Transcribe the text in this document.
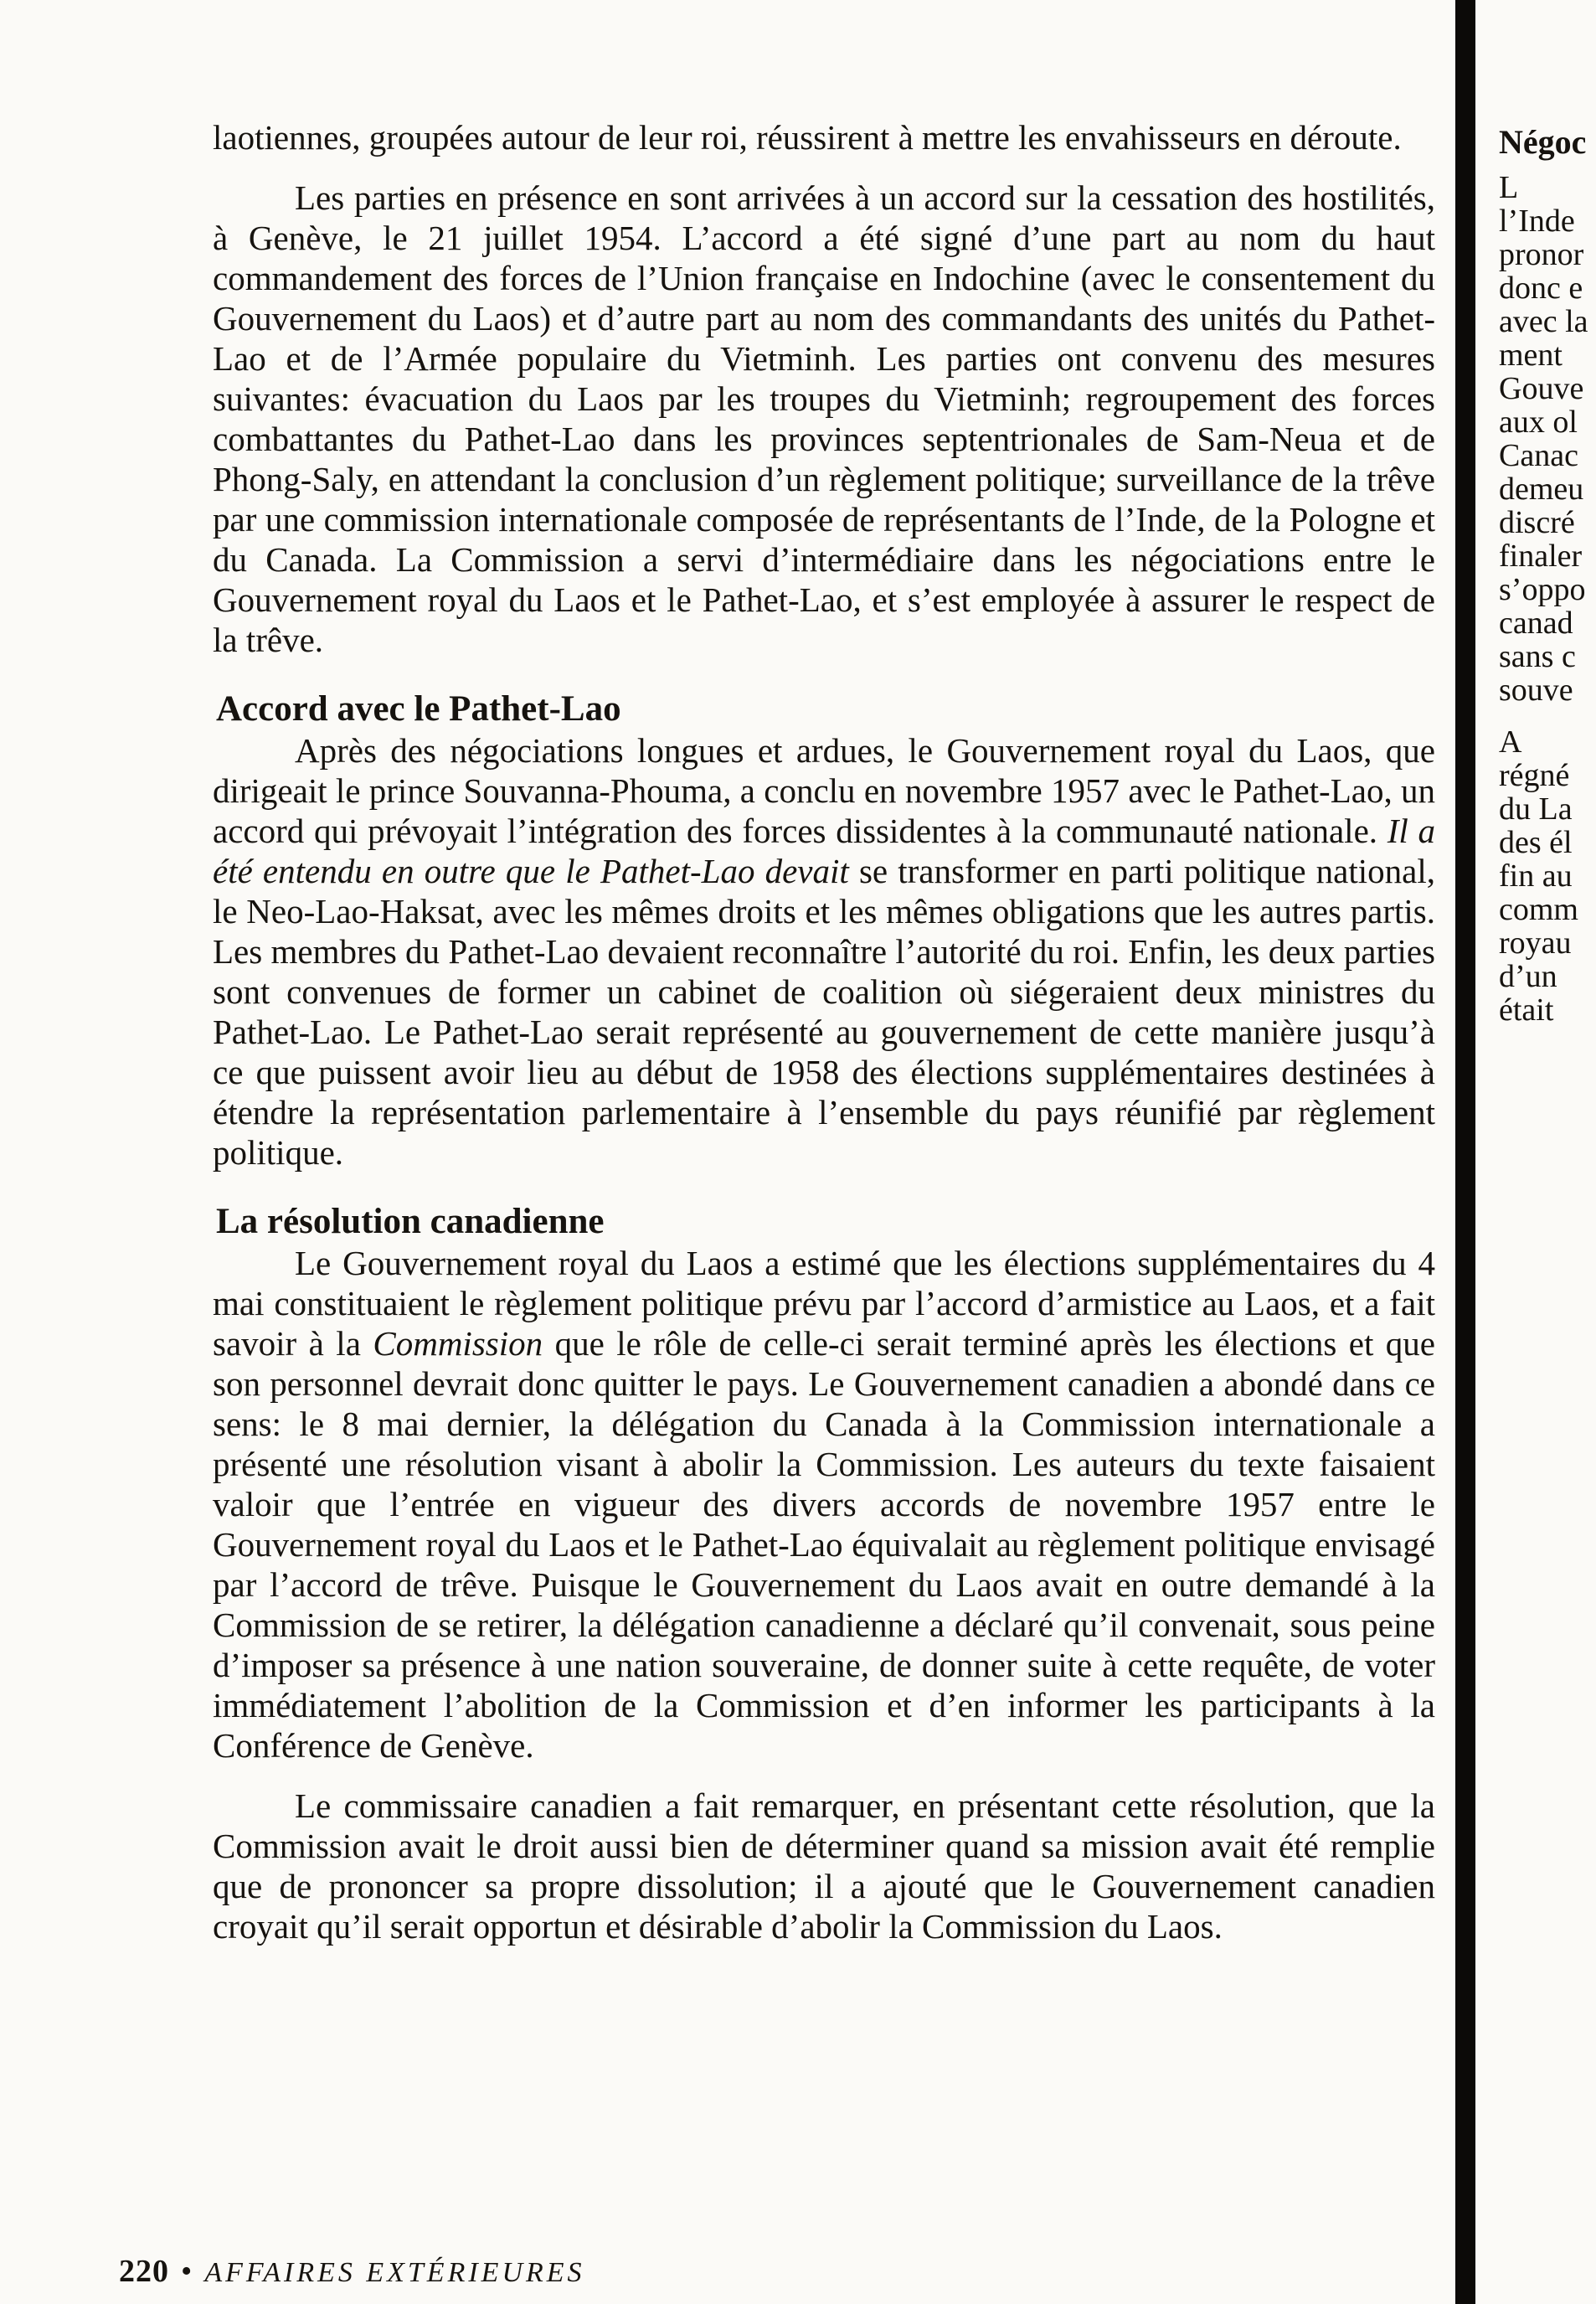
laotiennes, groupées autour de leur roi, réussirent à mettre les envahisseurs en déroute.

Les parties en présence en sont arrivées à un accord sur la cessation des hostilités, à Genève, le 21 juillet 1954. L’accord a été signé d’une part au nom du haut commandement des forces de l’Union française en Indochine (avec le consentement du Gouvernement du Laos) et d’autre part au nom des commandants des unités du Pathet-Lao et de l’Armée populaire du Vietminh. Les parties ont convenu des mesures suivantes: évacuation du Laos par les troupes du Vietminh; regroupement des forces combattantes du Pathet-Lao dans les provinces septentrionales de Sam-Neua et de Phong-Saly, en attendant la conclusion d’un règlement politique; surveillance de la trêve par une commission internationale composée de représentants de l’Inde, de la Pologne et du Canada. La Commission a servi d’intermédiaire dans les négociations entre le Gouvernement royal du Laos et le Pathet-Lao, et s’est employée à assurer le respect de la trêve.

Accord avec le Pathet-Lao

Après des négociations longues et ardues, le Gouvernement royal du Laos, que dirigeait le prince Souvanna-Phouma, a conclu en novembre 1957 avec le Pathet-Lao, un accord qui prévoyait l’intégration des forces dissidentes à la communauté nationale. Il a été entendu en outre que le Pathet-Lao devait se transformer en parti politique national, le Neo-Lao-Haksat, avec les mêmes droits et les mêmes obligations que les autres partis. Les membres du Pathet-Lao devaient reconnaître l’autorité du roi. Enfin, les deux parties sont convenues de former un cabinet de coalition où siégeraient deux ministres du Pathet-Lao. Le Pathet-Lao serait représenté au gouvernement de cette manière jusqu’à ce que puissent avoir lieu au début de 1958 des élections supplémentaires destinées à étendre la représentation parlementaire à l’ensemble du pays réunifié par règlement politique.

La résolution canadienne

Le Gouvernement royal du Laos a estimé que les élections supplémentaires du 4 mai constituaient le règlement politique prévu par l’accord d’armistice au Laos, et a fait savoir à la Commission que le rôle de celle-ci serait terminé après les élections et que son personnel devrait donc quitter le pays. Le Gouvernement canadien a abondé dans ce sens: le 8 mai dernier, la délégation du Canada à la Commission internationale a présenté une résolution visant à abolir la Commission. Les auteurs du texte faisaient valoir que l’entrée en vigueur des divers accords de novembre 1957 entre le Gouvernement royal du Laos et le Pathet-Lao équivalait au règlement politique envisagé par l’accord de trêve. Puisque le Gouvernement du Laos avait en outre demandé à la Commission de se retirer, la délégation canadienne a déclaré qu’il convenait, sous peine d’imposer sa présence à une nation souveraine, de donner suite à cette requête, de voter immédiatement l’abolition de la Commission et d’en informer les participants à la Conférence de Genève.

Le commissaire canadien a fait remarquer, en présentant cette résolution, que la Commission avait le droit aussi bien de déterminer quand sa mission avait été remplie que de prononcer sa propre dissolution; il a ajouté que le Gouvernement canadien croyait qu’il serait opportun et désirable d’abolir la Commission du Laos.

Négoc
L
l’Inde
pronor
donc e
avec la
ment
Gouve
aux ol
Canac
demeu
discré
finaler
s’oppo
canad
sans c
souve
A
régné
du La
des él
fin au
comm
royau
d’un
était
220 • AFFAIRES EXTÉRIEURES
